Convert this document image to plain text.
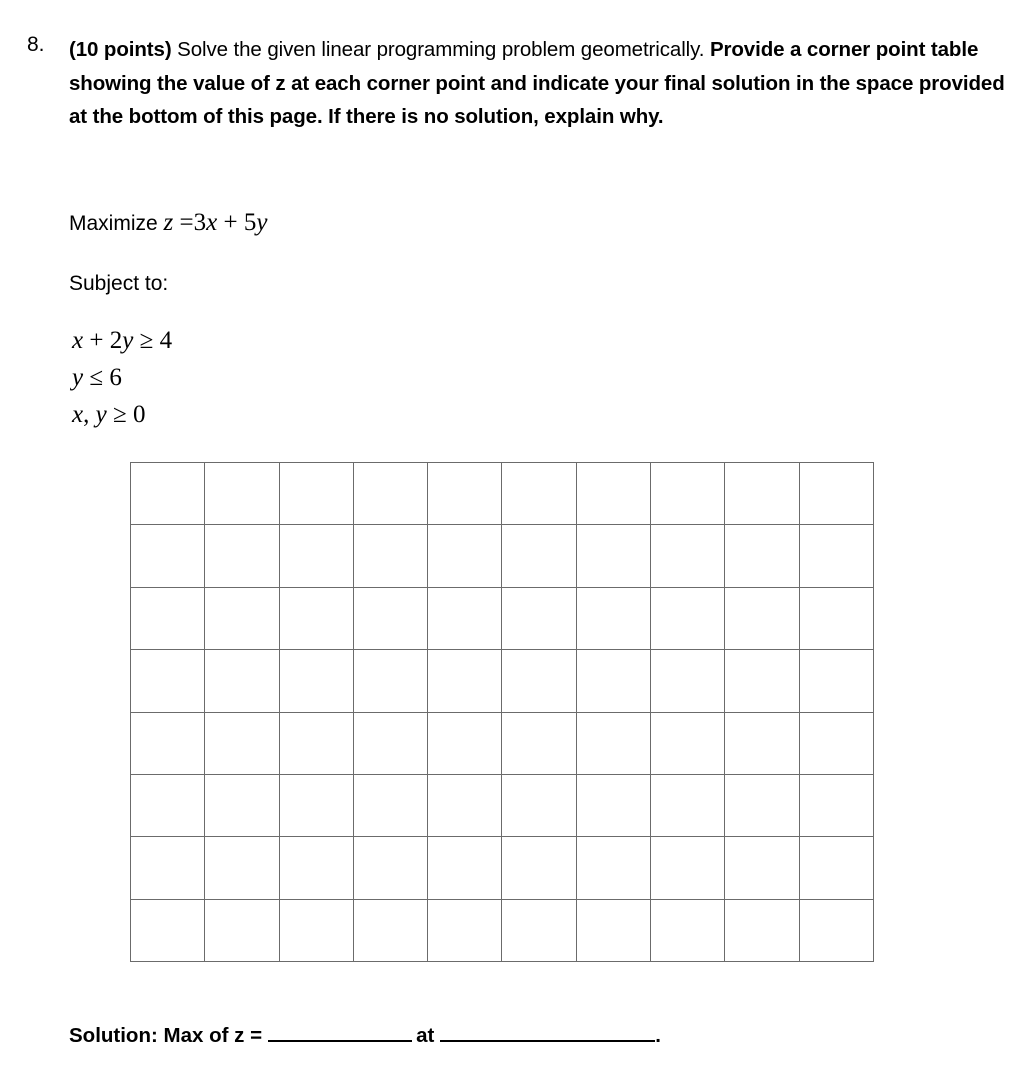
8. (10 points) Solve the given linear programming problem geometrically. Provide a corner point table showing the value of z at each corner point and indicate your final solution in the space provided at the bottom of this page. If there is no solution, explain why.
Maximize z =3x + 5y
Subject to:
x + 2y ≥ 4
y ≤ 6
x, y ≥ 0

Solution: Max of z =	at	.
